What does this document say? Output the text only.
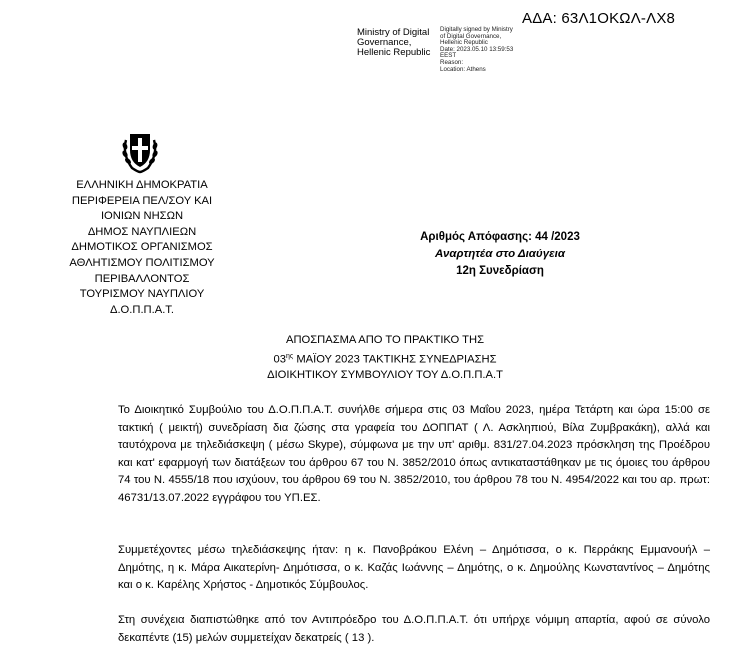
ΑΔΑ: 63Λ1ΟΚΩΛ-ΛΧ8
Ministry of Digital
Governance,
Hellenic Republic
Digitally signed by Ministry
of Digital Governance,
Hellenic Republic
Date: 2023.05.10 13:59:53
EEST
Reason:
Location: Athens
ΕΛΛΗΝΙΚΗ ΔΗΜΟΚΡΑΤΙΑ
ΠΕΡΙΦΕΡΕΙΑ ΠΕΛ/ΣΟΥ ΚΑΙ
ΙΟΝΙΩΝ ΝΗΣΩΝ
ΔΗΜΟΣ ΝΑΥΠΛΙΕΩΝ
ΔΗΜΟΤΙΚΟΣ ΟΡΓΑΝΙΣΜΟΣ
ΑΘΛΗΤΙΣΜΟΥ ΠΟΛΙΤΙΣΜΟΥ
ΠΕΡΙΒΑΛΛΟΝΤΟΣ
ΤΟΥΡΙΣΜΟΥ ΝΑΥΠΛΙΟΥ
Δ.Ο.Π.Π.Α.Τ.
Αριθμός Απόφασης: 44 /2023
Αναρτητέα στο Διαύγεια
12η Συνεδρίαση
ΑΠΟΣΠΑΣΜΑ ΑΠΟ ΤΟ ΠΡΑΚΤΙΚΟ ΤΗΣ
$03^{\eta\varsigma}$ ΜΑΪΟΥ 2023 ΤΑΚΤΙΚΗΣ ΣΥΝΕΔΡΙΑΣΗΣ
ΔΙΟΙΚΗΤΙΚΟΥ ΣΥΜΒΟΥΛΙΟΥ ΤΟΥ Δ.Ο.Π.Π.Α.Τ
Το Διοικητικό Συμβούλιο του Δ.Ο.Π.Π.Α.Τ. συνήλθε σήμερα στις 03 Μαΐου 2023, ημέρα Τετάρτη και ώρα 15:00 σε τακτική ( μεικτή) συνεδρίαση δια ζώσης στα γραφεία του ΔΟΠΠΑΤ ( Λ. Ασκληπιού, Βίλα Ζυμβρακάκη), αλλά και ταυτόχρονα με τηλεδιάσκεψη ( μέσω Skype), σύμφωνα με την υπ' αριθμ. 831/27.04.2023 πρόσκληση της Προέδρου και κατ' εφαρμογή των διατάξεων του άρθρου 67 του Ν. 3852/2010 όπως αντικαταστάθηκαν με τις όμοιες του άρθρου 74 του Ν. 4555/18 που ισχύουν, του άρθρου 69 του Ν. 3852/2010, του άρθρου 78 του Ν. 4954/2022 και του αρ. πρωτ: 46731/13.07.2022 εγγράφου του ΥΠ.ΕΣ.
Συμμετέχοντες μέσω τηλεδιάσκεψης ήταν: η κ. Πανοβράκου Ελένη – Δημότισσα, ο κ. Περράκης Εμμανουήλ – Δημότης, η κ. Μάρα Αικατερίνη- Δημότισσα, ο κ. Καζάς Ιωάννης – Δημότης, ο κ. Δημούλης Κωνσταντίνος – Δημότης και ο κ. Καρέλης Χρήστος - Δημοτικός Σύμβουλος.
Στη συνέχεια διαπιστώθηκε από τον Αντιπρόεδρο του Δ.Ο.Π.Π.Α.Τ. ότι υπήρχε νόμιμη απαρτία, αφού σε σύνολο δεκαπέντε (15) μελών συμμετείχαν δεκατρείς ( 13 ).
